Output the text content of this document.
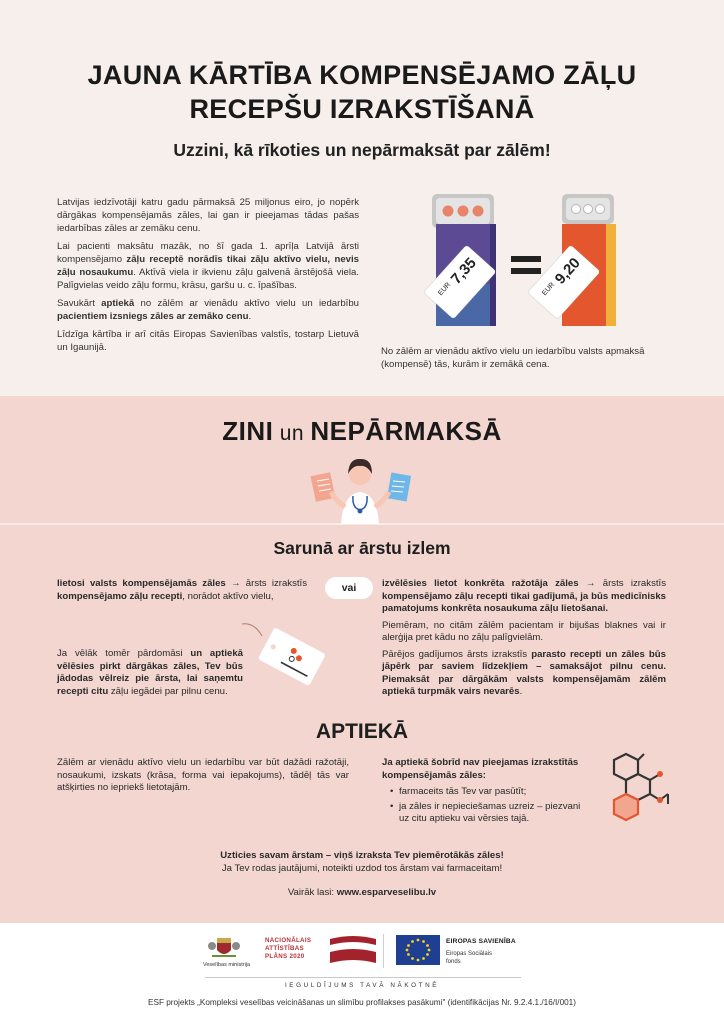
JAUNA KĀRTĪBA KOMPENSĒJAMO ZĀĻU
RECEPŠU IZRAKSTĪŠANĀ
Uzzini, kā rīkoties un nepārmaksāt par zālēm!

Latvijas iedzīvotāji katru gadu pārmaksā 25 miljonus eiro, jo nopērk dārgākas kompensējamās zāles, lai gan ir pieejamas tādas pašas iedarbības zāles ar zemāku cenu.

Lai pacienti maksātu mazāk, no šī gada 1. aprīļa Latvijā ārsti kompensējamo zāļu receptē norādīs tikai zāļu aktīvo vielu, nevis zāļu nosaukumu. Aktīvā viela ir ikvienu zāļu galvenā ārstējošā viela. Palīgvielas veido zāļu formu, krāsu, garšu u. c. īpašības.

Savukārt aptiekā no zālēm ar vienādu aktīvo vielu un iedarbību pacientiem izsniegs zāles ar zemāko cenu.

Līdzīga kārtība ir arī citās Eiropas Savienības valstīs, tostarp Lietuvā un Igaunijā.

EUR
7,35
EUR
9,20
No zālēm ar vienādu aktīvo vielu un iedarbību valsts apmaksā (kompensē) tās, kurām ir zemākā cena.
ZINI un NEPĀRMAKSĀ
Sarunā ar ārstu izlem
lietosi valsts kompensējamās zāles → ārsts izrakstīs kompensējamo zāļu recepti, norādot aktīvo vielu,
vai	izvēlēsies lietot konkrēta ražotāja zāles → ārsts izrakstīs kompensējamo zāļu recepti tikai gadījumā, ja būs medicīnisks pamatojums konkrēta nosaukuma zāļu lietošanai.

Piemēram, no citām zālēm pacientam ir bijušas blaknes vai ir alerģija pret kādu no zāļu palīgvielām.

Pārējos gadījumos ārsts izrakstīs parasto recepti un zāles būs jāpērk par saviem līdzekļiem – samaksājot pilnu cenu. Piemaksāt par dārgākām valsts kompensējamām zālēm aptiekā turpmāk vairs nevarēs.

Ja vēlāk tomēr pārdomāsi un aptiekā vēlēsies pirkt dārgākas zāles, Tev būs jādodas vēlreiz pie ārsta, lai saņemtu recepti citu zāļu iegādei par pilnu cenu.
APTIEKĀ
Zālēm ar vienādu aktīvo vielu un iedarbību var būt dažādi ražotāji, nosaukumi, izskats (krāsa, forma vai iepakojums), tādēļ tās var atšķirties no iepriekš lietotajām.

Ja aptiekā šobrīd nav pieejamas izrakstītās kompensējamās zāles:

• farmaceits tās Tev var pasūtīt;
• ja zāles ir nepieciešamas uzreiz – piezvani uz citu aptieku vai vērsies tajā.
Uzticies savam ārstam – viņš izraksta Tev piemērotākās zāles!
Ja Tev rodas jautājumi, noteikti uzdod tos ārstam vai farmaceitam!
Vairāk lasi: www.esparveselibu.lv
Veselības ministrija
NACIONĀLAIS
ATTĪSTĪBAS
PLĀNS 2020
EIROPAS SAVIENĪBA
Eiropas Sociālais
fonds
IEGULDĪJUMS TAVĀ NĀKOTNĒ
ESF projekts „Kompleksi veselības veicināšanas un slimību profilakses pasākumi" (identifikācijas Nr. 9.2.4.1./16/I/001)
